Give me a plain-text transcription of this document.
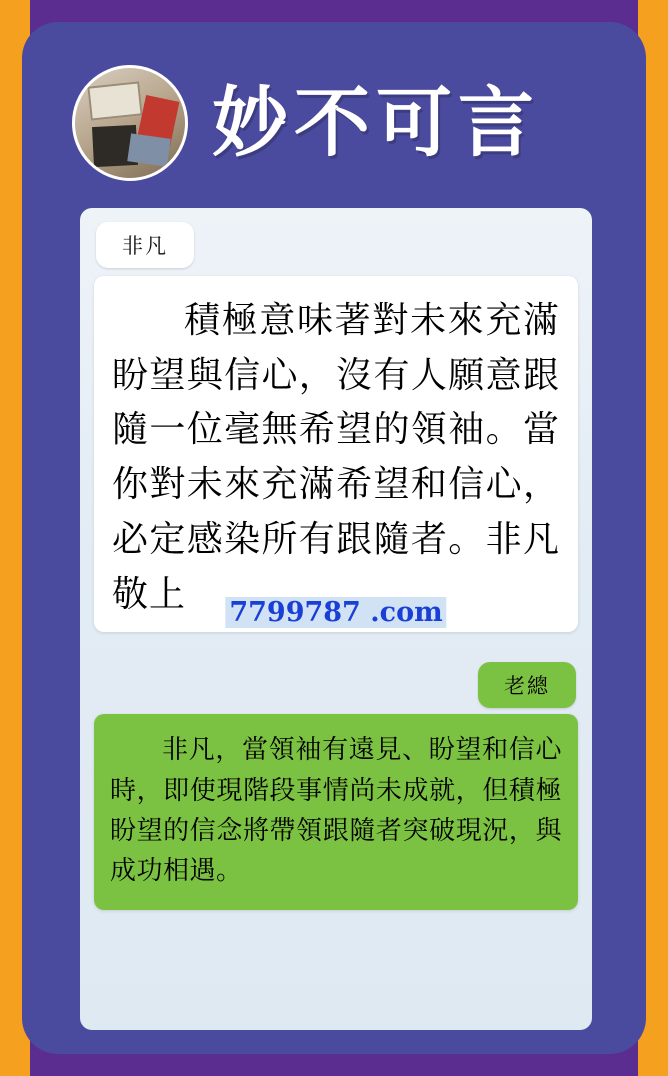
妙不可言
非凡
積極意味著對未來充滿盼望與信心，沒有人願意跟隨一位毫無希望的領袖。當你對未來充滿希望和信心，必定感染所有跟隨者。非凡 敬上	7799787 .com
老總
非凡，當領袖有遠見、盼望和信心時，即使現階段事情尚未成就，但積極盼望的信念將帶領跟隨者突破現況，與成功相遇。
